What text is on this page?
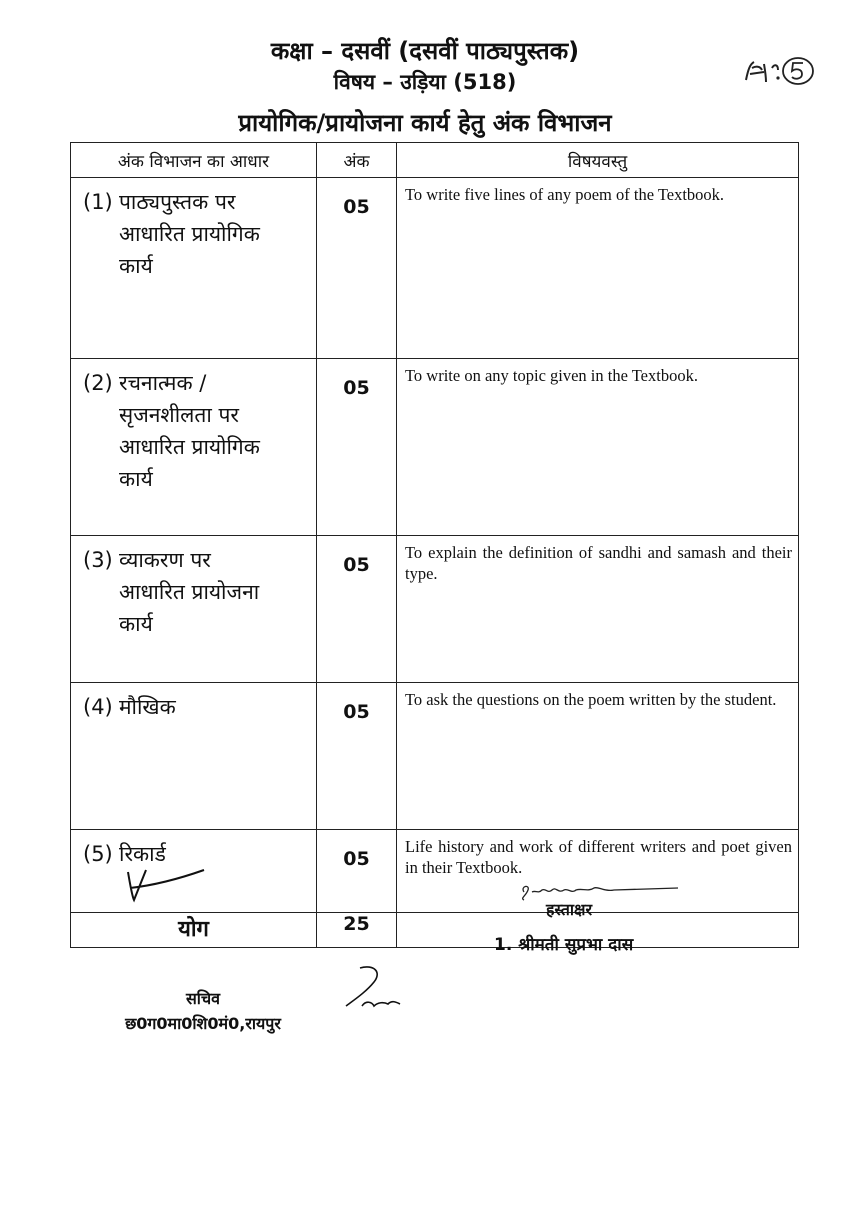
कक्षा – दसवीं (दसवीं पाठ्यपुस्तक)
विषय – उड़िया (518)
प्रायोगिक/प्रायोजना कार्य हेतु अंक विभाजन
अंक विभाजन का आधार	अंक	विषयवस्तु

(1) पाठ्यपुस्तक पर
आधारित प्रायोगिक
कार्य	05	To write five lines of any poem of the Textbook.

(2) रचनात्मक /
सृजनशीलता पर
आधारित प्रायोगिक
कार्य	05	To write on any topic given in the Textbook.

(3) व्याकरण पर
आधारित प्रायोजना
कार्य	05	To explain the definition of sandhi and samash and their type.

(4) मौखिक	05	To ask the questions on the poem written by the student.

(5) रिकार्ड	05	Life history and work of different writers and poet given in their Textbook.
योग	25	
हस्ताक्षर
1. श्रीमती सुप्रभा दास
सचिव
छ0ग0मा0शि0मं0,रायपुर
